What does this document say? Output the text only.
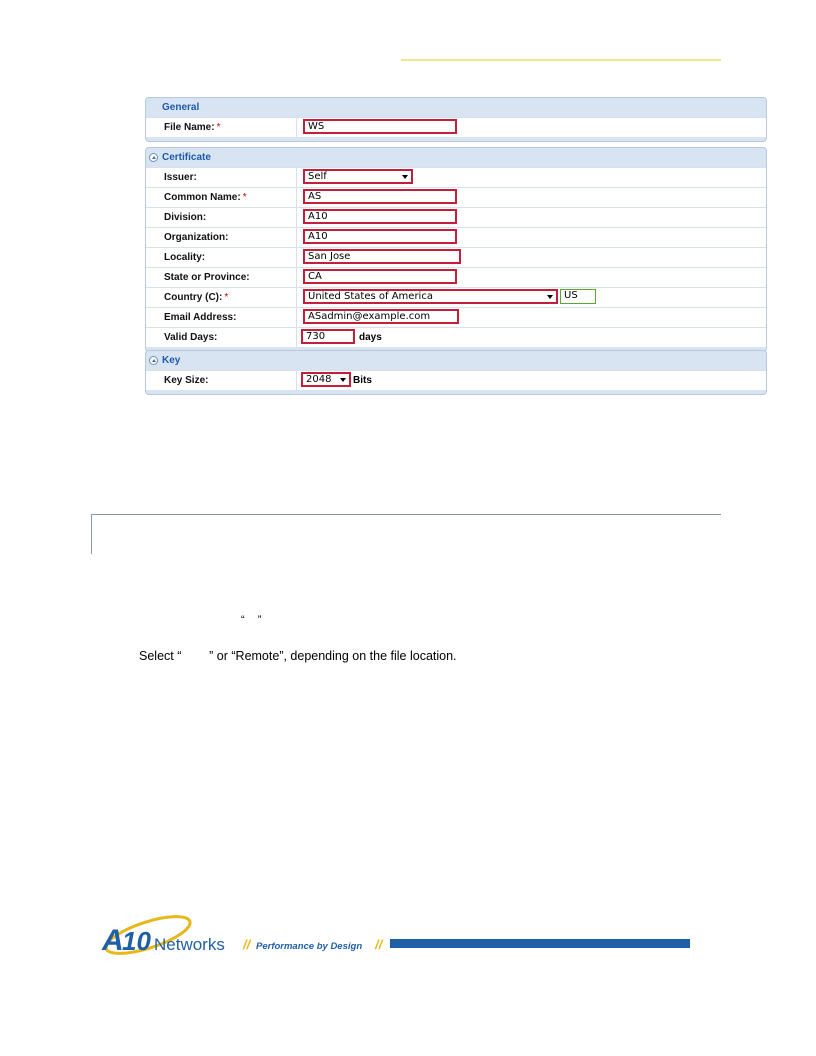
General
File Name: *	WS
Certificate
Issuer:	Self
Common Name: *	AS
Division:	A10
Organization:	A10
Locality:	San Jose
State or Province:	CA
Country (C): *	United States of America	US
Email Address:	ASadmin@example.com
Valid Days:	730	days
Key
Key Size:	2048	Bits
“ ”
Select “        ” or “Remote”, depending on the file location.
A
10 Networks // Performance by Design //
